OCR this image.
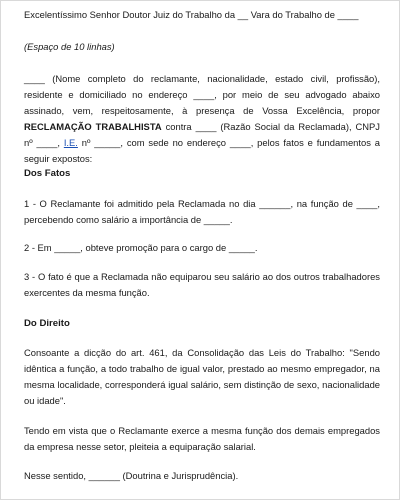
Excelentíssimo Senhor Doutor Juiz do Trabalho da __ Vara do Trabalho de ____

(Espaço de 10 linhas)

____ (Nome completo do reclamante, nacionalidade, estado civil, profissão), residente e domiciliado no endereço ____, por meio de seu advogado abaixo assinado, vem, respeitosamente, à presença de Vossa Excelência, propor RECLAMAÇÃO TRABALHISTA contra ____ (Razão Social da Reclamada), CNPJ nº ____, I.E. nº _____, com sede no endereço ____, pelos fatos e fundamentos a seguir expostos:

Dos Fatos

1 - O Reclamante foi admitido pela Reclamada no dia ______, na função de ____, percebendo como salário a importância de _____.

2 - Em _____, obteve promoção para o cargo de _____.

3 - O fato é que a Reclamada não equiparou seu salário ao dos outros trabalhadores exercentes da mesma função.

Do Direito

Consoante a dicção do art. 461, da Consolidação das Leis do Trabalho: "Sendo idêntica a função, a todo trabalho de igual valor, prestado ao mesmo empregador, na mesma localidade, corresponderá igual salário, sem distinção de sexo, nacionalidade ou idade".

Tendo em vista que o Reclamante exerce a mesma função dos demais empregados da empresa nesse setor, pleiteia a equiparação salarial.

Nesse sentido, ______ (Doutrina e Jurisprudência).
